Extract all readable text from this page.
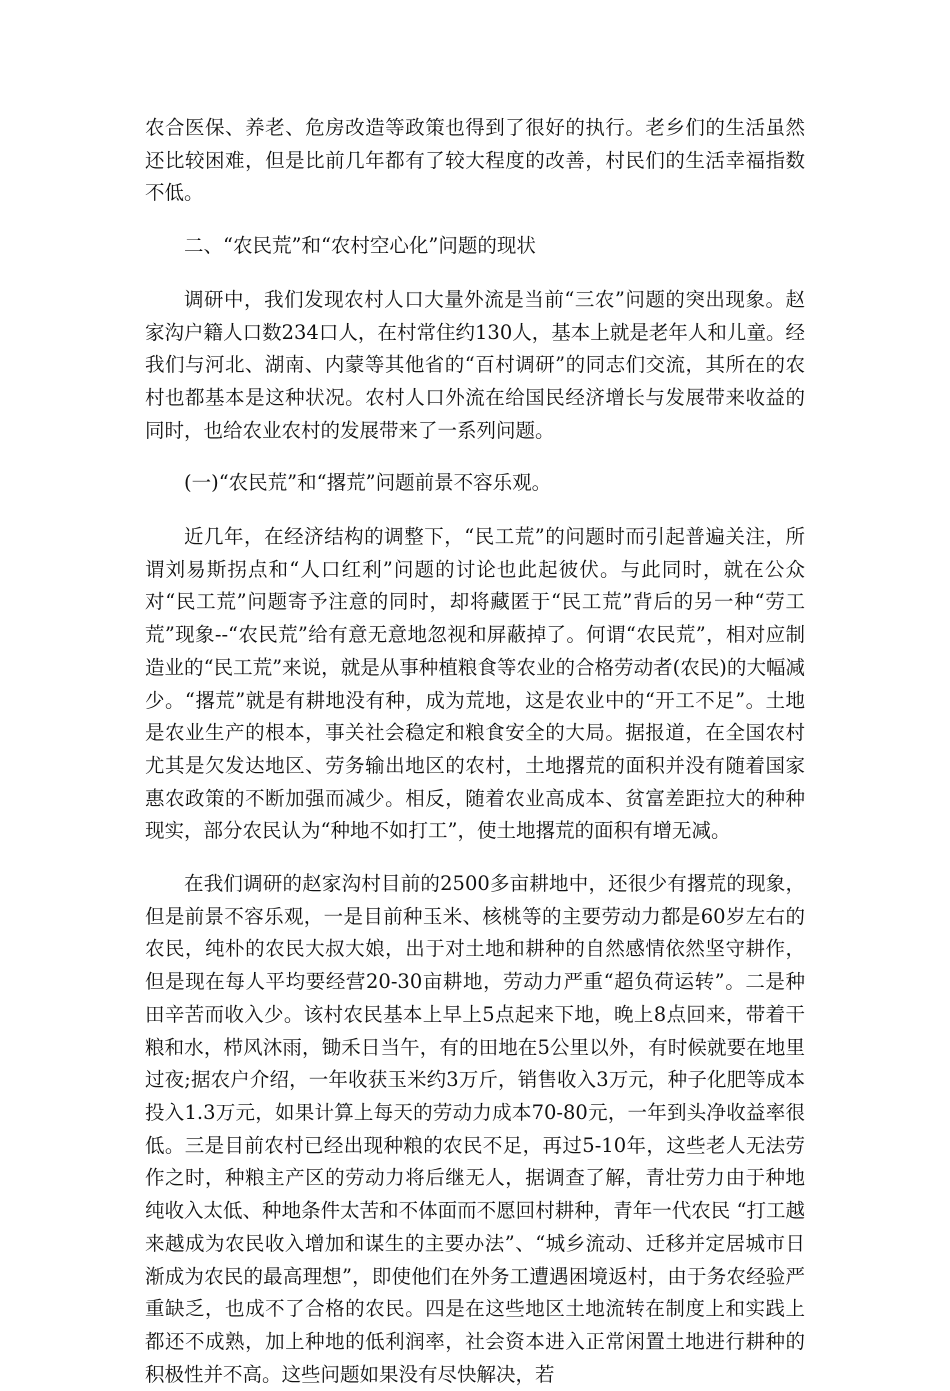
农合医保、养老、危房改造等政策也得到了很好的执行。老乡们的生活虽然还比较困难，但是比前几年都有了较大程度的改善，村民们的生活幸福指数不低。

二、“农民荒”和“农村空心化”问题的现状

调研中，我们发现农村人口大量外流是当前“三农”问题的突出现象。赵家沟户籍人口数234口人，在村常住约130人，基本上就是老年人和儿童。经我们与河北、湖南、内蒙等其他省的“百村调研”的同志们交流，其所在的农村也都基本是这种状况。农村人口外流在给国民经济增长与发展带来收益的同时，也给农业农村的发展带来了一系列问题。

(一)“农民荒”和“撂荒”问题前景不容乐观。

近几年，在经济结构的调整下，“民工荒”的问题时而引起普遍关注，所谓刘易斯拐点和“人口红利”问题的讨论也此起彼伏。与此同时，就在公众对“民工荒”问题寄予注意的同时，却将藏匿于“民工荒”背后的另一种“劳工荒”现象--“农民荒”给有意无意地忽视和屏蔽掉了。何谓“农民荒”，相对应制造业的“民工荒”来说，就是从事种植粮食等农业的合格劳动者(农民)的大幅减少。“撂荒”就是有耕地没有种，成为荒地，这是农业中的“开工不足”。土地是农业生产的根本，事关社会稳定和粮食安全的大局。据报道，在全国农村尤其是欠发达地区、劳务输出地区的农村，土地撂荒的面积并没有随着国家惠农政策的不断加强而减少。相反，随着农业高成本、贫富差距拉大的种种现实，部分农民认为“种地不如打工”，使土地撂荒的面积有增无减。

在我们调研的赵家沟村目前的2500多亩耕地中，还很少有撂荒的现象，但是前景不容乐观，一是目前种玉米、核桃等的主要劳动力都是60岁左右的农民，纯朴的农民大叔大娘，出于对土地和耕种的自然感情依然坚守耕作，但是现在每人平均要经营20-30亩耕地，劳动力严重“超负荷运转”。二是种田辛苦而收入少。该村农民基本上早上5点起来下地，晚上8点回来，带着干粮和水，栉风沐雨，锄禾日当午，有的田地在5公里以外，有时候就要在地里过夜;据农户介绍，一年收获玉米约3万斤，销售收入3万元，种子化肥等成本投入1.3万元，如果计算上每天的劳动力成本70-80元，一年到头净收益率很低。三是目前农村已经出现种粮的农民不足，再过5-10年，这些老人无法劳作之时，种粮主产区的劳动力将后继无人，据调查了解，青壮劳力由于种地纯收入太低、种地条件太苦和不体面而不愿回村耕种，青年一代农民 “打工越来越成为农民收入增加和谋生的主要办法”、“城乡流动、迁移并定居城市日渐成为农民的最高理想”，即使他们在外务工遭遇困境返村，由于务农经验严重缺乏，也成不了合格的农民。四是在这些地区土地流转在制度上和实践上都还不成熟，加上种地的低利润率，社会资本进入正常闲置土地进行耕种的积极性并不高。这些问题如果没有尽快解决，若
